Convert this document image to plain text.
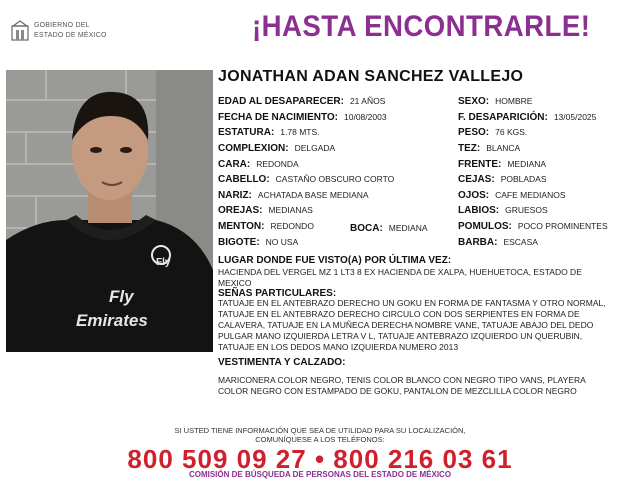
GOBIERNO DEL
ESTADO DE MÉXICO	¡HASTA ENCONTRARLE!
Fly
Fly
Emirates
JONATHAN ADAN SANCHEZ VALLEJO
EDAD AL DESAPARECER: 21 AÑOS
FECHA DE NACIMIENTO: 10/08/2003
ESTATURA: 1.78 MTS.
COMPLEXION: DELGADA
CARA: REDONDA
CABELLO: CASTAÑO OBSCURO CORTO
NARIZ: ACHATADA BASE MEDIANA
OREJAS: MEDIANAS
MENTON: REDONDO	BOCA: MEDIANA
BIGOTE: NO USA
SEXO: HOMBRE
F. DESAPARICIÓN: 13/05/2025
PESO: 76 KGS.
TEZ: BLANCA
FRENTE: MEDIANA
CEJAS: POBLADAS
OJOS: CAFE MEDIANOS
LABIOS: GRUESOS
POMULOS: POCO PROMINENTES
BARBA: ESCASA
LUGAR DONDE FUE VISTO(A) POR ÚLTIMA VEZ:
HACIENDA DEL VERGEL MZ 1 LT3 8 EX HACIENDA DE XALPA, HUEHUETOCA, ESTADO DE MEXICO
SEÑAS PARTICULARES:
TATUAJE EN EL ANTEBRAZO DERECHO UN GOKU EN FORMA DE FANTASMA Y OTRO NORMAL, TATUAJE EN EL ANTEBRAZO DERECHO CIRCULO CON DOS SERPIENTES EN FORMA DE CALAVERA, TATUAJE EN LA MUÑECA DERECHA NOMBRE VANE, TATUAJE ABAJO DEL DEDO PULGAR MANO IZQUIERDA LETRA V L, TATUAJE ANTEBRAZO IZQUIERDO UN QUERUBIN, TATUAJE EN LOS DEDOS MANO IZQUIERDA NUMERO 2013
VESTIMENTA Y CALZADO:
MARICONERA COLOR NEGRO, TENIS COLOR BLANCO CON NEGRO TIPO VANS, PLAYERA COLOR NEGRO CON ESTAMPADO DE GOKU, PANTALON DE MEZCLILLA COLOR NEGRO
SI USTED TIENE INFORMACIÓN QUE SEA DE UTILIDAD PARA SU LOCALIZACIÓN,
COMUNÍQUESE A LOS TELÉFONOS:
800 509 09 27 • 800 216 03 61
COMISIÓN DE BÚSQUEDA DE PERSONAS DEL ESTADO DE MÉXICO
